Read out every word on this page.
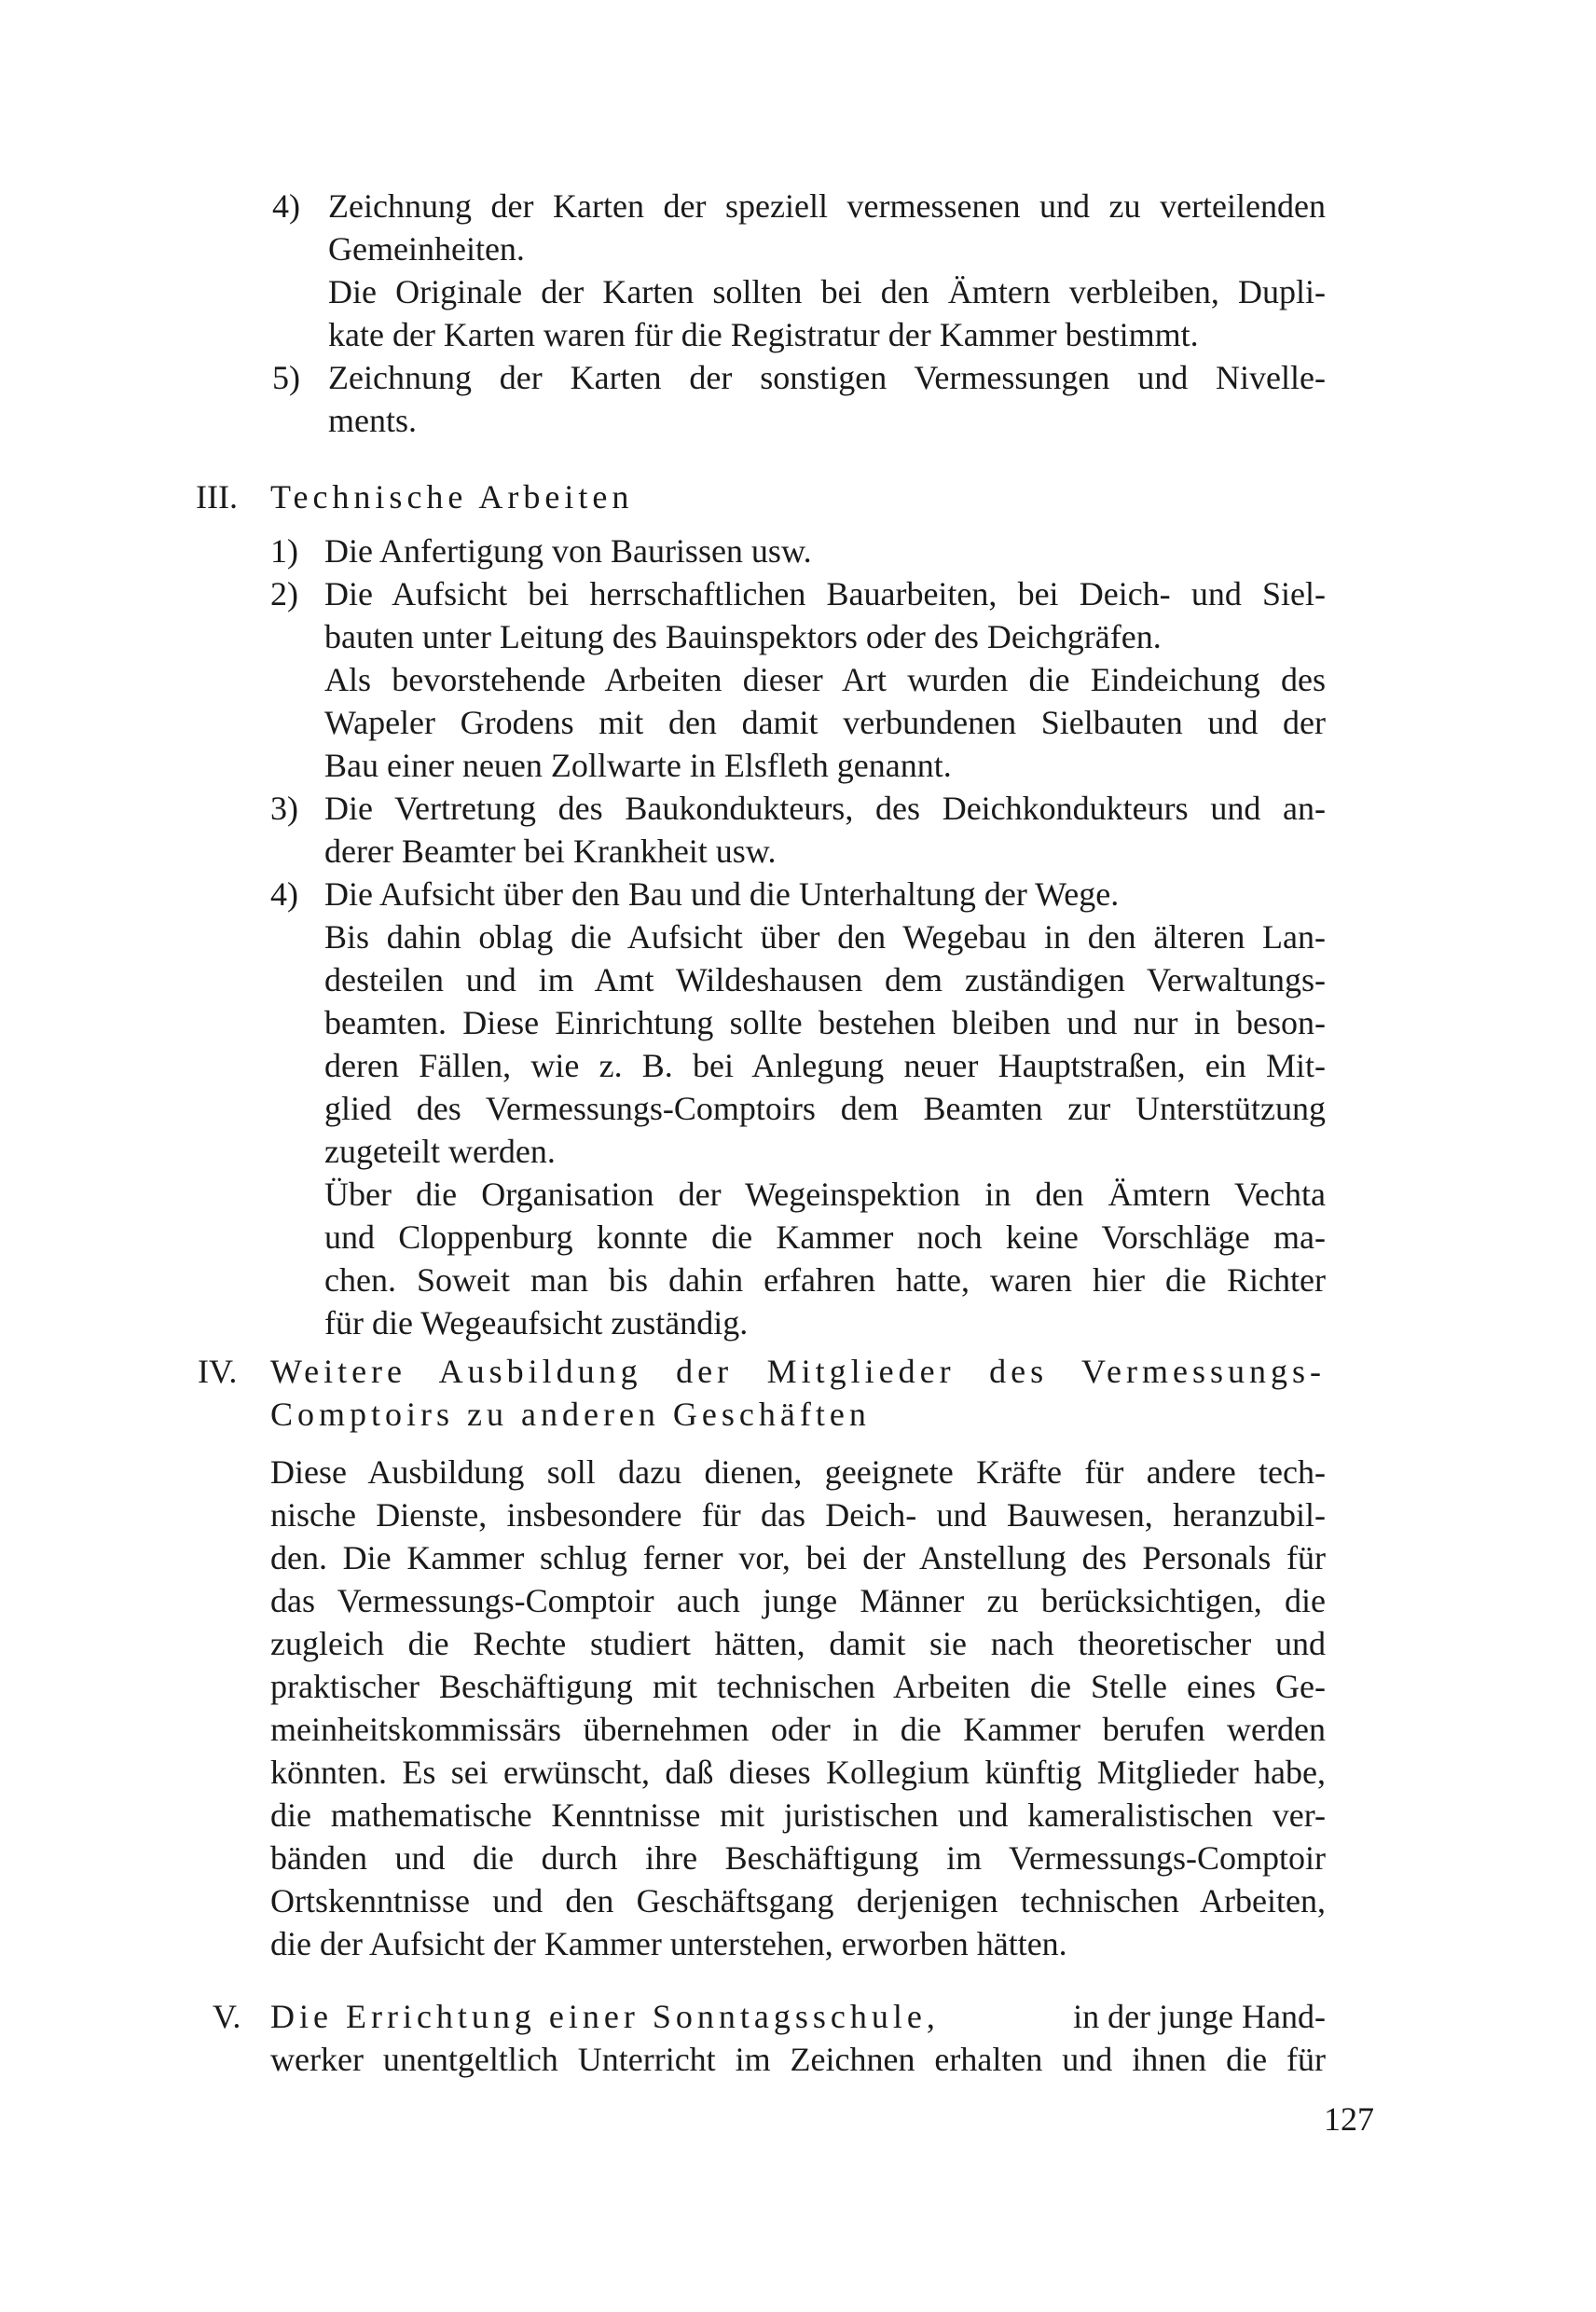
4) Zeichnung der Karten der speziell vermessenen und zu verteilenden
Gemeinheiten.
Die Originale der Karten sollten bei den Ämtern verbleiben, Dupli-
kate der Karten waren für die Registratur der Kammer bestimmt.
5) Zeichnung der Karten der sonstigen Vermessungen und Nivelle-
ments.
III. Technische Arbeiten
1) Die Anfertigung von Baurissen usw.
2) Die Aufsicht bei herrschaftlichen Bauarbeiten, bei Deich- und Siel-
bauten unter Leitung des Bauinspektors oder des Deichgräfen.
Als bevorstehende Arbeiten dieser Art wurden die Eindeichung des
Wapeler Grodens mit den damit verbundenen Sielbauten und der
Bau einer neuen Zollwarte in Elsfleth genannt.
3) Die Vertretung des Baukondukteurs, des Deichkondukteurs und an-
derer Beamter bei Krankheit usw.
4) Die Aufsicht über den Bau und die Unterhaltung der Wege.
Bis dahin oblag die Aufsicht über den Wegebau in den älteren Lan-
desteilen und im Amt Wildeshausen dem zuständigen Verwaltungs-
beamten. Diese Einrichtung sollte bestehen bleiben und nur in beson-
deren Fällen, wie z. B. bei Anlegung neuer Hauptstraßen, ein Mit-
glied des Vermessungs-Comptoirs dem Beamten zur Unterstützung
zugeteilt werden.
Über die Organisation der Wegeinspektion in den Ämtern Vechta
und Cloppenburg konnte die Kammer noch keine Vorschläge ma-
chen. Soweit man bis dahin erfahren hatte, waren hier die Richter
für die Wegeaufsicht zuständig.
IV. Weitere Ausbildung der Mitglieder des Vermessungs-
Comptoirs zu anderen Geschäften
Diese Ausbildung soll dazu dienen, geeignete Kräfte für andere tech-
nische Dienste, insbesondere für das Deich- und Bauwesen, heranzubil-
den. Die Kammer schlug ferner vor, bei der Anstellung des Personals für
das Vermessungs-Comptoir auch junge Männer zu berücksichtigen, die
zugleich die Rechte studiert hätten, damit sie nach theoretischer und
praktischer Beschäftigung mit technischen Arbeiten die Stelle eines Ge-
meinheitskommissärs übernehmen oder in die Kammer berufen werden
könnten. Es sei erwünscht, daß dieses Kollegium künftig Mitglieder habe,
die mathematische Kenntnisse mit juristischen und kameralistischen ver-
bänden und die durch ihre Beschäftigung im Vermessungs-Comptoir
Ortskenntnisse und den Geschäftsgang derjenigen technischen Arbeiten,
die der Aufsicht der Kammer unterstehen, erworben hätten.
V. Die Errichtung einer Sonntagsschule,	in der junge Hand-
werker unentgeltlich Unterricht im Zeichnen erhalten und ihnen die für
127
